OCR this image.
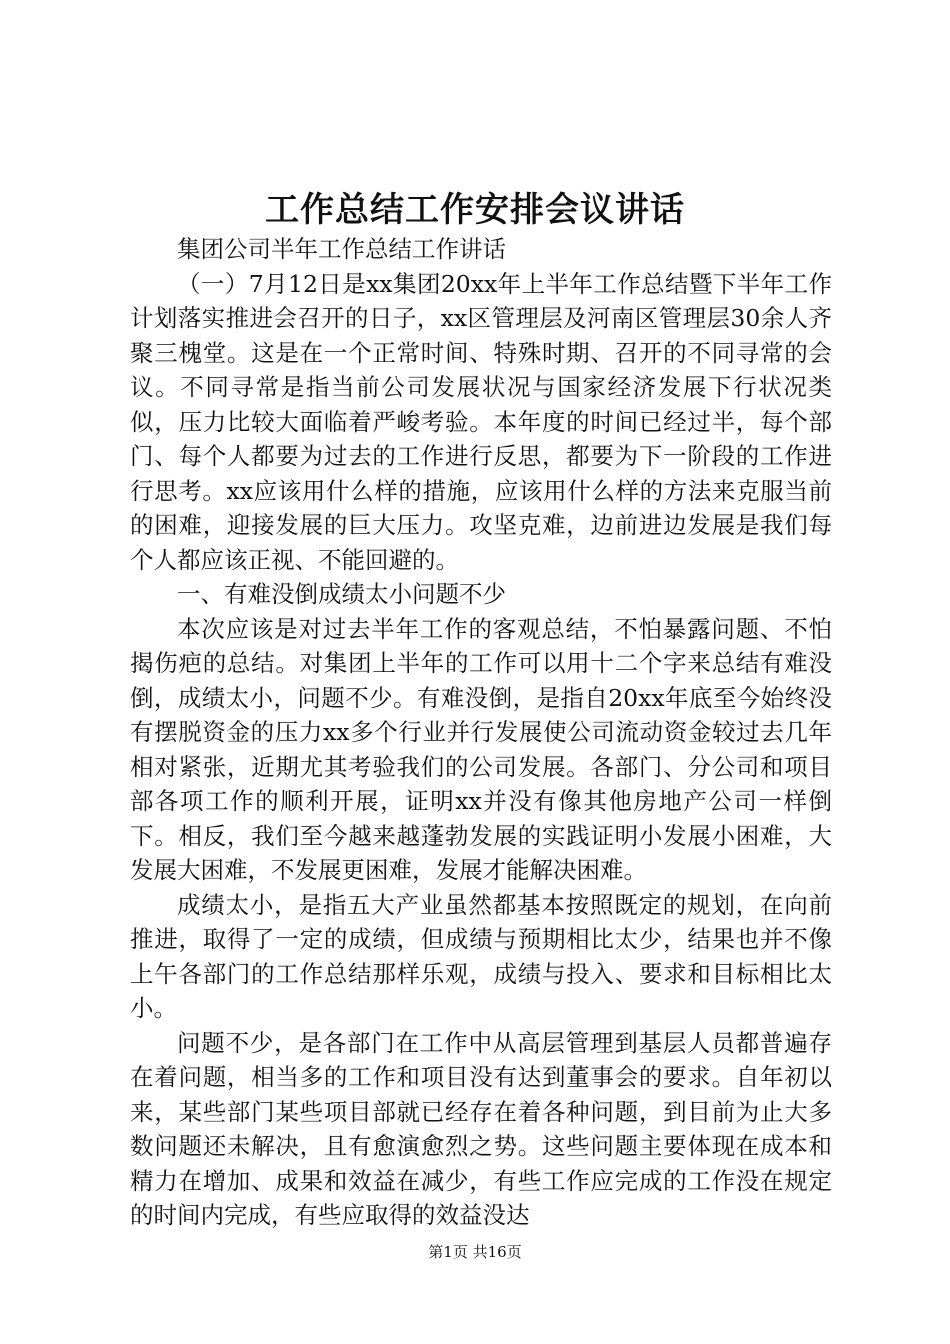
工作总结工作安排会议讲话

集团公司半年工作总结工作讲话

（一）7月12日是xx集团20xx年上半年工作总结暨下半年工作计划落实推进会召开的日子，xx区管理层及河南区管理层30余人齐聚三槐堂。这是在一个正常时间、特殊时期、召开的不同寻常的会议。不同寻常是指当前公司发展状况与国家经济发展下行状况类似，压力比较大面临着严峻考验。本年度的时间已经过半，每个部门、每个人都要为过去的工作进行反思，都要为下一阶段的工作进行思考。xx应该用什么样的措施，应该用什么样的方法来克服当前的困难，迎接发展的巨大压力。攻坚克难，边前进边发展是我们每个人都应该正视、不能回避的。

一、有难没倒成绩太小问题不少

本次应该是对过去半年工作的客观总结，不怕暴露问题、不怕揭伤疤的总结。对集团上半年的工作可以用十二个字来总结有难没倒，成绩太小，问题不少。有难没倒，是指自20xx年底至今始终没有摆脱资金的压力xx多个行业并行发展使公司流动资金较过去几年相对紧张，近期尤其考验我们的公司发展。各部门、分公司和项目部各项工作的顺利开展，证明xx并没有像其他房地产公司一样倒下。相反，我们至今越来越蓬勃发展的实践证明小发展小困难，大发展大困难，不发展更困难，发展才能解决困难。

成绩太小，是指五大产业虽然都基本按照既定的规划，在向前推进，取得了一定的成绩，但成绩与预期相比太少，结果也并不像上午各部门的工作总结那样乐观，成绩与投入、要求和目标相比太小。

问题不少，是各部门在工作中从高层管理到基层人员都普遍存在着问题，相当多的工作和项目没有达到董事会的要求。自年初以来，某些部门某些项目部就已经存在着各种问题，到目前为止大多数问题还未解决，且有愈演愈烈之势。这些问题主要体现在成本和精力在增加、成果和效益在减少，有些工作应完成的工作没在规定的时间内完成，有些应取得的效益没达

第1页 共16页
